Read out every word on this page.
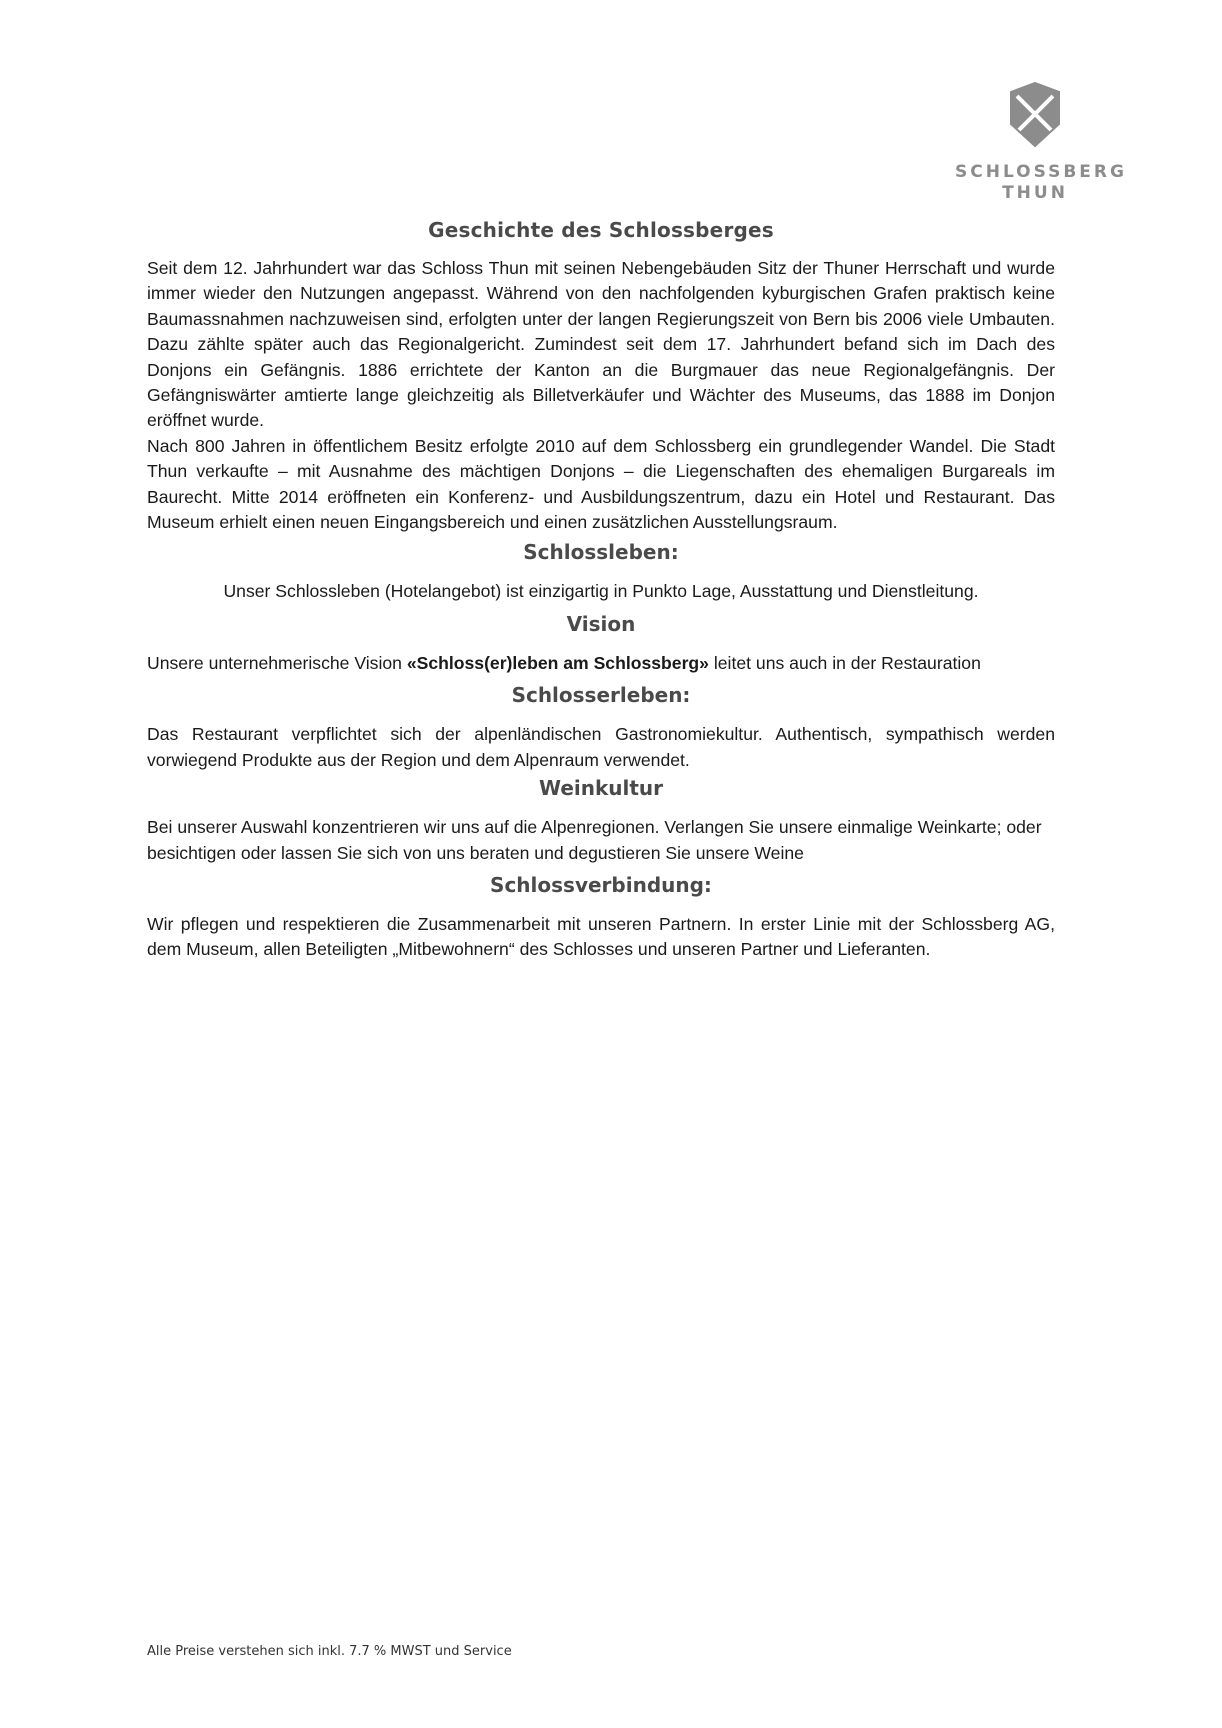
SCHLOSSBERG
THUN
Geschichte des Schlossberges

Seit dem 12. Jahrhundert war das Schloss Thun mit seinen Nebengebäuden Sitz der Thuner Herrschaft und wurde immer wieder den Nutzungen angepasst. Während von den nachfolgenden kyburgischen Grafen praktisch keine Baumassnahmen nachzuweisen sind, erfolgten unter der langen Regierungszeit von Bern bis 2006 viele Umbauten. Dazu zählte später auch das Regionalgericht. Zumindest seit dem 17. Jahrhundert befand sich im Dach des Donjons ein Gefängnis. 1886 errichtete der Kanton an die Burgmauer das neue Regionalgefängnis. Der Gefängniswärter amtierte lange gleichzeitig als Billetverkäufer und Wächter des Museums, das 1888 im Donjon eröffnet wurde.

Nach 800 Jahren in öffentlichem Besitz erfolgte 2010 auf dem Schlossberg ein grundlegender Wandel. Die Stadt Thun verkaufte – mit Ausnahme des mächtigen Donjons – die Liegenschaften des ehemaligen Burgareals im Baurecht. Mitte 2014 eröffneten ein Konferenz- und Ausbildungszentrum, dazu ein Hotel und Restaurant. Das Museum erhielt einen neuen Eingangsbereich und einen zusätzlichen Ausstellungsraum.

Schlossleben:

Unser Schlossleben (Hotelangebot) ist einzigartig in Punkto Lage, Ausstattung und Dienstleitung.

Vision

Unsere unternehmerische Vision «Schloss(er)leben am Schlossberg» leitet uns auch in der Restauration

Schlosserleben:

Das Restaurant verpflichtet sich der alpenländischen Gastronomiekultur. Authentisch, sympathisch werden vorwiegend Produkte aus der Region und dem Alpenraum verwendet.

Weinkultur

Bei unserer Auswahl konzentrieren wir uns auf die Alpenregionen. Verlangen Sie unsere einmalige Weinkarte; oder besichtigen oder lassen Sie sich von uns beraten und degustieren Sie unsere Weine

Schlossverbindung:

Wir pflegen und respektieren die Zusammenarbeit mit unseren Partnern. In erster Linie mit der Schlossberg AG, dem Museum, allen Beteiligten „Mitbewohnern“ des Schlosses und unseren Partner und Lieferanten.

Alle Preise verstehen sich inkl. 7.7 % MWST und Service
